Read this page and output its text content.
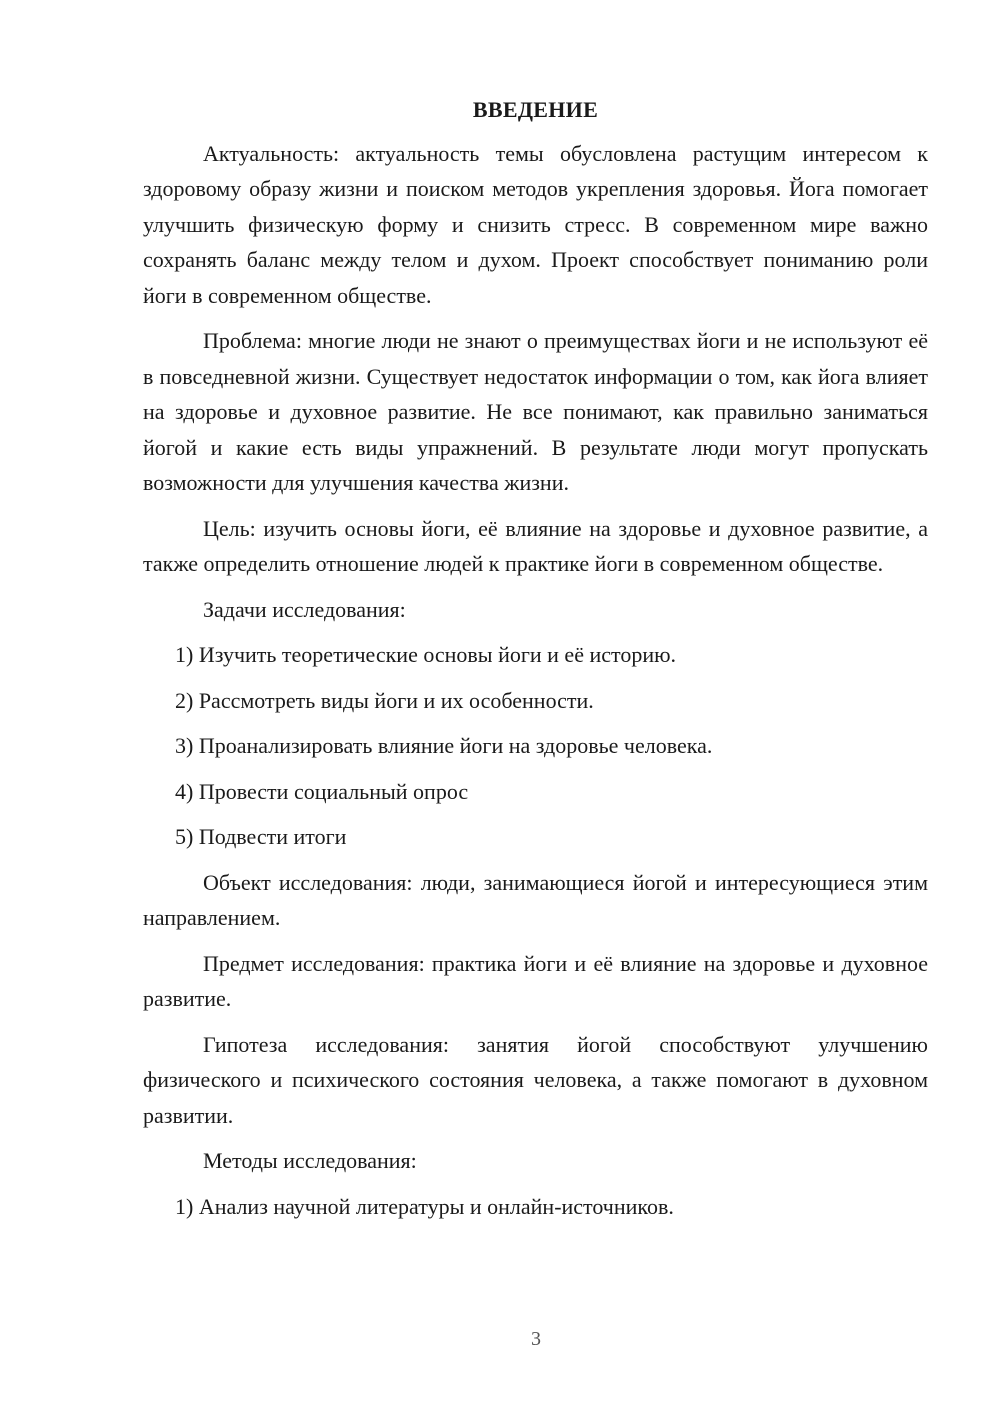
ВВЕДЕНИЕ

Актуальность: актуальность темы обусловлена растущим интересом к здоровому образу жизни и поиском методов укрепления здоровья. Йога помогает улучшить физическую форму и снизить стресс. В современном мире важно сохранять баланс между телом и духом. Проект способствует пониманию роли йоги в современном обществе.

Проблема: многие люди не знают о преимуществах йоги и не используют её в повседневной жизни. Существует недостаток информации о том, как йога влияет на здоровье и духовное развитие. Не все понимают, как правильно заниматься йогой и какие есть виды упражнений. В результате люди могут пропускать возможности для улучшения качества жизни.

Цель: изучить основы йоги, её влияние на здоровье и духовное развитие, а также определить отношение людей к практике йоги в современном обществе.

Задачи исследования:

1) Изучить теоретические основы йоги и её историю.
2) Рассмотреть виды йоги и их особенности.
3) Проанализировать влияние йоги на здоровье человека.
4) Провести социальный опрос
5) Подвести итоги

Объект исследования: люди, занимающиеся йогой и интересующиеся этим направлением.

Предмет исследования: практика йоги и её влияние на здоровье и духовное развитие.

Гипотеза исследования: занятия йогой способствуют улучшению физического и психического состояния человека, а также помогают в духовном развитии.

Методы исследования:

1) Анализ научной литературы и онлайн-источников.
3
